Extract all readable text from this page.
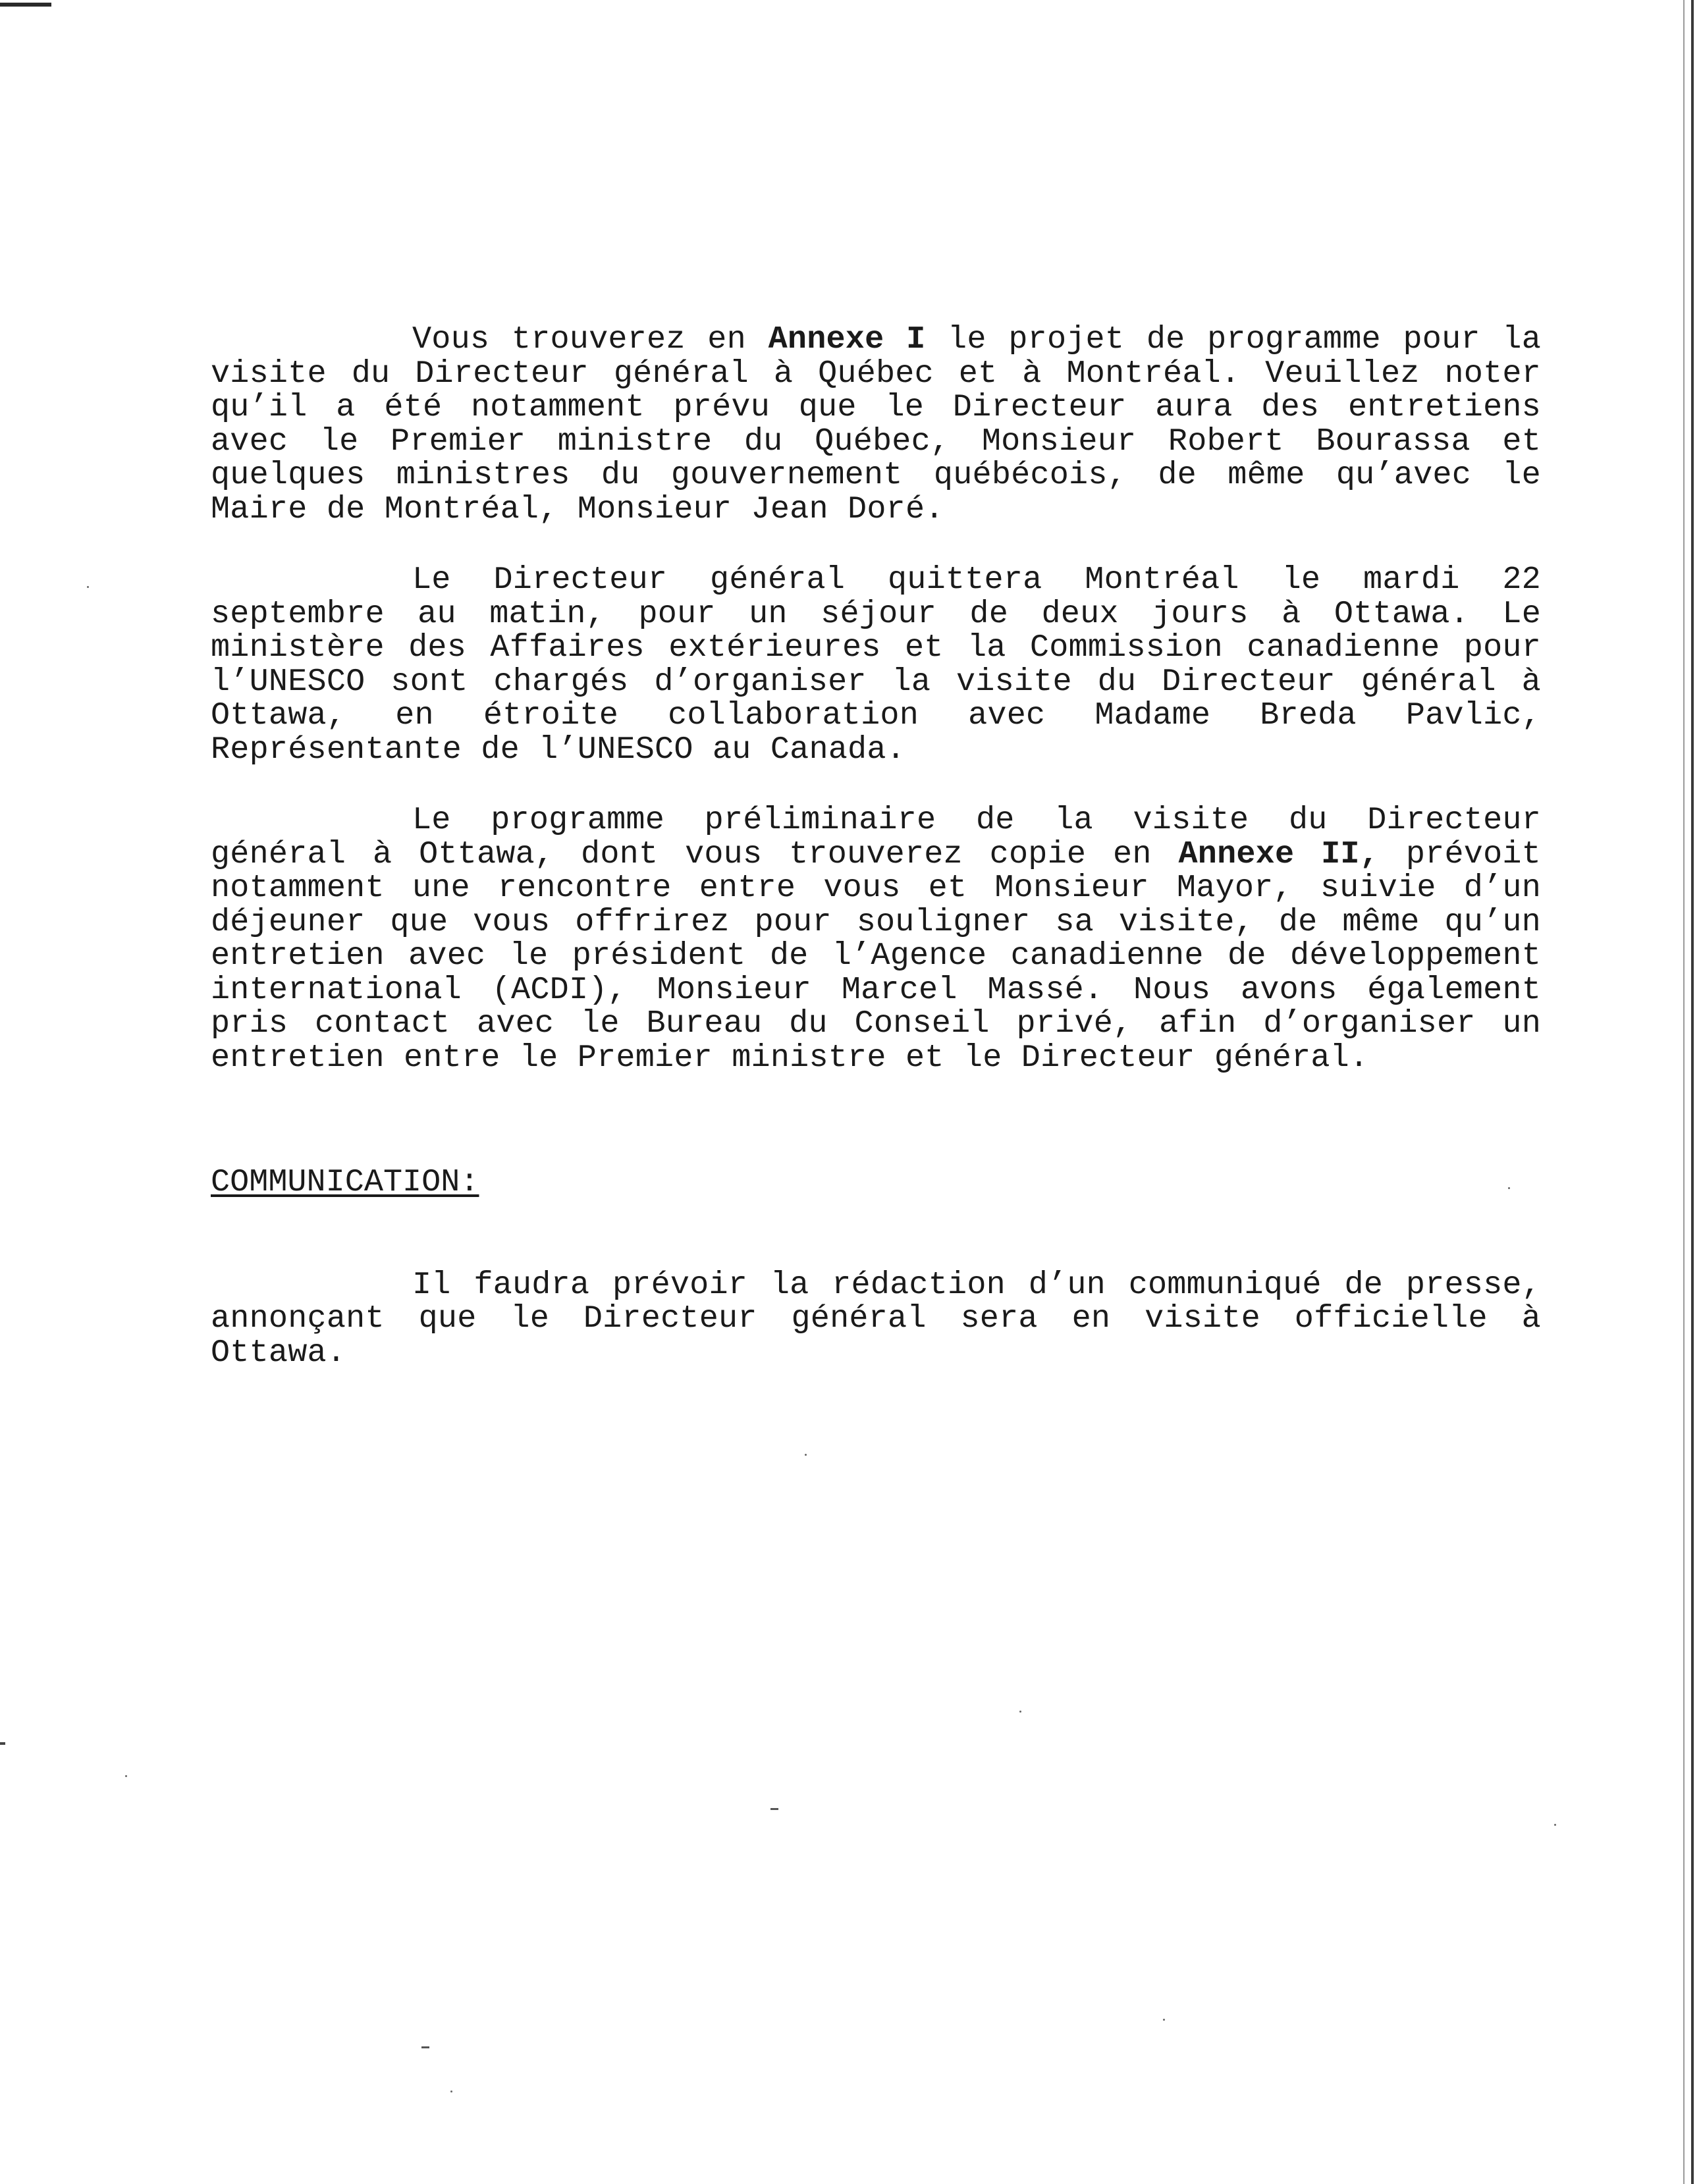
Vous trouverez en Annexe I le projet de programme pour la visite du Directeur général à Québec et à Montréal. Veuillez noter qu’il a été notamment prévu que le Directeur aura des entretiens avec le Premier ministre du Québec, Monsieur Robert Bourassa et quelques ministres du gouvernement québécois, de même qu’avec le Maire de Montréal, Monsieur Jean Doré.

Le Directeur général quittera Montréal le mardi 22 septembre au matin, pour un séjour de deux jours à Ottawa. Le ministère des Affaires extérieures et la Commission canadienne pour l’UNESCO sont chargés d’organiser la visite du Directeur général à Ottawa, en étroite collaboration avec Madame Breda Pavlic, Représentante de l’UNESCO au Canada.

Le programme préliminaire de la visite du Directeur général à Ottawa, dont vous trouverez copie en Annexe II, prévoit notamment une rencontre entre vous et Monsieur Mayor, suivie d’un déjeuner que vous offrirez pour souligner sa visite, de même qu’un entretien avec le président de l’Agence canadienne de développement international (ACDI), Monsieur Marcel Massé. Nous avons également pris contact avec le Bureau du Conseil privé, afin d’organiser un entretien entre le Premier ministre et le Directeur général.

COMMUNICATION:

Il faudra prévoir la rédaction d’un communiqué de presse, annonçant que le Directeur général sera en visite officielle à Ottawa.
